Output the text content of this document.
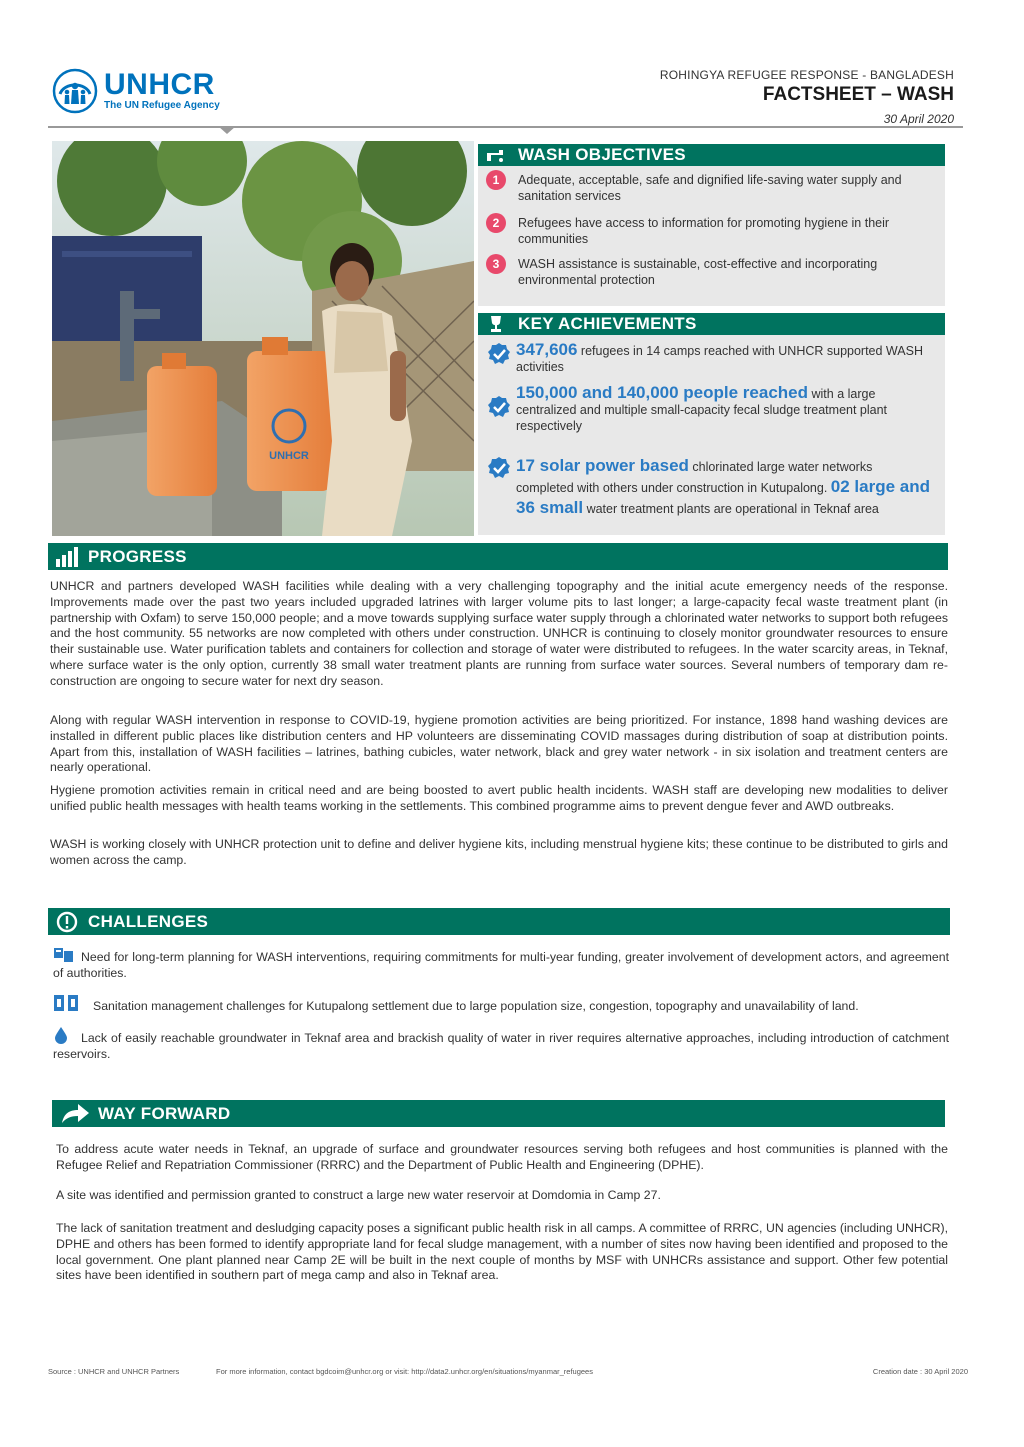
UNHCR
The UN Refugee Agency
ROHINGYA REFUGEE RESPONSE - BANGLADESH
FACTSHEET – WASH
30 April 2020
UNHCR
WASH OBJECTIVES
1	Adequate, acceptable, safe and dignified life-saving water supply and sanitation services
2	Refugees have access to information for promoting hygiene in their communities
3	WASH assistance is sustainable, cost-effective and incorporating environmental protection
KEY ACHIEVEMENTS
347,606 refugees in 14 camps reached with UNHCR supported WASH activities
150,000 and 140,000 people reached with a large centralized and multiple small-capacity fecal sludge treatment plant respectively
17 solar power based chlorinated large water networks completed with others under construction in Kutupalong. 02 large and 36 small water treatment plants are operational in Teknaf area
PROGRESS
UNHCR and partners developed WASH facilities while dealing with a very challenging topography and the initial acute emergency needs of the response. Improvements made over the past two years included upgraded latrines with larger volume pits to last longer; a large-capacity fecal waste treatment plant (in partnership with Oxfam) to serve 150,000 people; and a move towards supplying surface water supply through a chlorinated water networks to support both refugees and the host community. 55 networks are now completed with others under construction. UNHCR is continuing to closely monitor groundwater resources to ensure their sustainable use. Water purification tablets and containers for collection and storage of water were distributed to refugees. In the water scarcity areas, in Teknaf, where surface water is the only option, currently 38 small water treatment plants are running from surface water sources. Several numbers of temporary dam re-construction are ongoing to secure water for next dry season.
Along with regular WASH intervention in response to COVID-19, hygiene promotion activities are being prioritized. For instance, 1898 hand washing devices are installed in different public places like distribution centers and HP volunteers are disseminating COVID massages during distribution of soap at distribution points. Apart from this, installation of WASH facilities – latrines, bathing cubicles, water network, black and grey water network - in six isolation and treatment centers are nearly operational.
Hygiene promotion activities remain in critical need and are being boosted to avert public health incidents. WASH staff are developing new modalities to deliver unified public health messages with health teams working in the settlements. This combined programme aims to prevent dengue fever and AWD outbreaks.
WASH is working closely with UNHCR protection unit to define and deliver hygiene kits, including menstrual hygiene kits; these continue to be distributed to girls and women across the camp.
CHALLENGES
Need for long-term planning for WASH interventions, requiring commitments for multi-year funding, greater involvement of development actors, and agreement of authorities.
Sanitation management challenges for Kutupalong settlement due to large population size, congestion, topography and unavailability of land.
Lack of easily reachable groundwater in Teknaf area and brackish quality of water in river requires alternative approaches, including introduction of catchment reservoirs.
WAY FORWARD
To address acute water needs in Teknaf, an upgrade of surface and groundwater resources serving both refugees and host communities is planned with the Refugee Relief and Repatriation Commissioner (RRRC) and the Department of Public Health and Engineering (DPHE).
A site was identified and permission granted to construct a large new water reservoir at Domdomia in Camp 27.
The lack of sanitation treatment and desludging capacity poses a significant public health risk in all camps. A committee of RRRC, UN agencies (including UNHCR), DPHE and others has been formed to identify appropriate land for fecal sludge management, with a number of sites now having been identified and proposed to the local government. One plant planned near Camp 2E will be built in the next couple of months by MSF with UNHCRs assistance and support. Other few potential sites have been identified in southern part of mega camp and also in Teknaf area.
Source : UNHCR and UNHCR Partners	For more information, contact bgdcoim@unhcr.org or visit: http://data2.unhcr.org/en/situations/myanmar_refugees	Creation date : 30 April 2020
